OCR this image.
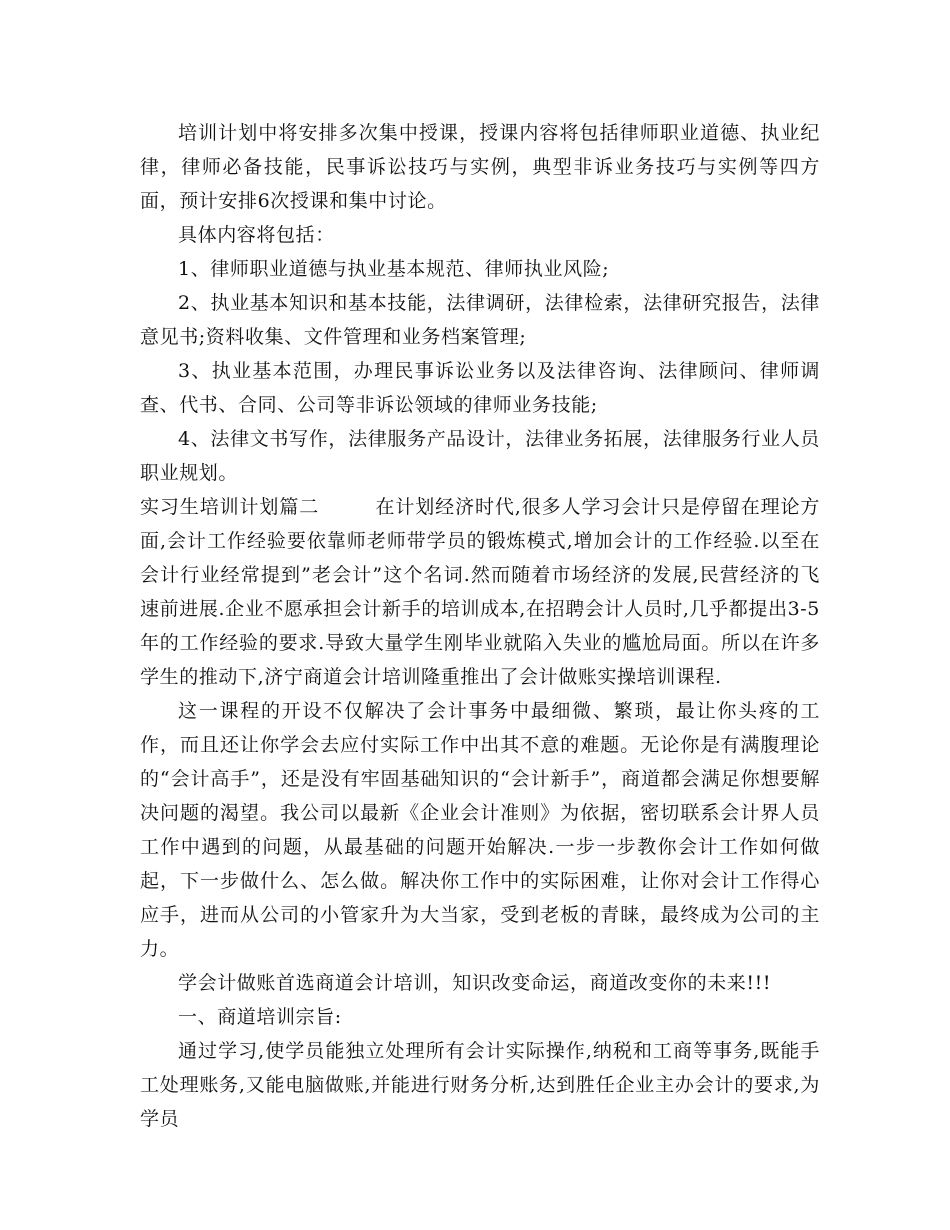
培训计划中将安排多次集中授课，授课内容将包括律师职业道德、执业纪律，律师必备技能，民事诉讼技巧与实例，典型非诉业务技巧与实例等四方面，预计安排6次授课和集中讨论。

具体内容将包括：

1、律师职业道德与执业基本规范、律师执业风险;

2、执业基本知识和基本技能，法律调研，法律检索，法律研究报告，法律意见书;资料收集、文件管理和业务档案管理;

3、执业基本范围，办理民事诉讼业务以及法律咨询、法律顾问、律师调查、代书、合同、公司等非诉讼领域的律师业务技能;

4、法律文书写作，法律服务产品设计，法律业务拓展，法律服务行业人员职业规划。

实习生培训计划篇二	在计划经济时代,很多人学习会计只是停留在理论方面,会计工作经验要依靠师老师带学员的锻炼模式,增加会计的工作经验.以至在会计行业经常提到”老会计”这个名词.然而随着市场经济的发展,民营经济的飞速前进展.企业不愿承担会计新手的培训成本,在招聘会计人员时,几乎都提出3-5年的工作经验的要求.导致大量学生刚毕业就陷入失业的尴尬局面。所以在许多学生的推动下,济宁商道会计培训隆重推出了会计做账实操培训课程.

这一课程的开设不仅解决了会计事务中最细微、繁琐，最让你头疼的工作，而且还让你学会去应付实际工作中出其不意的难题。无论你是有满腹理论的“会计高手”，还是没有牢固基础知识的“会计新手”，商道都会满足你想要解决问题的渴望。我公司以最新《企业会计准则》为依据，密切联系会计界人员工作中遇到的问题，从最基础的问题开始解决.一步一步教你会计工作如何做起，下一步做什么、怎么做。解决你工作中的实际困难，让你对会计工作得心应手，进而从公司的小管家升为大当家，受到老板的青睐，最终成为公司的主力。

学会计做账首选商道会计培训，知识改变命运，商道改变你的未来!!!

一、商道培训宗旨:

通过学习,使学员能独立处理所有会计实际操作,纳税和工商等事务,既能手工处理账务,又能电脑做账,并能进行财务分析,达到胜任企业主办会计的要求,为学员
